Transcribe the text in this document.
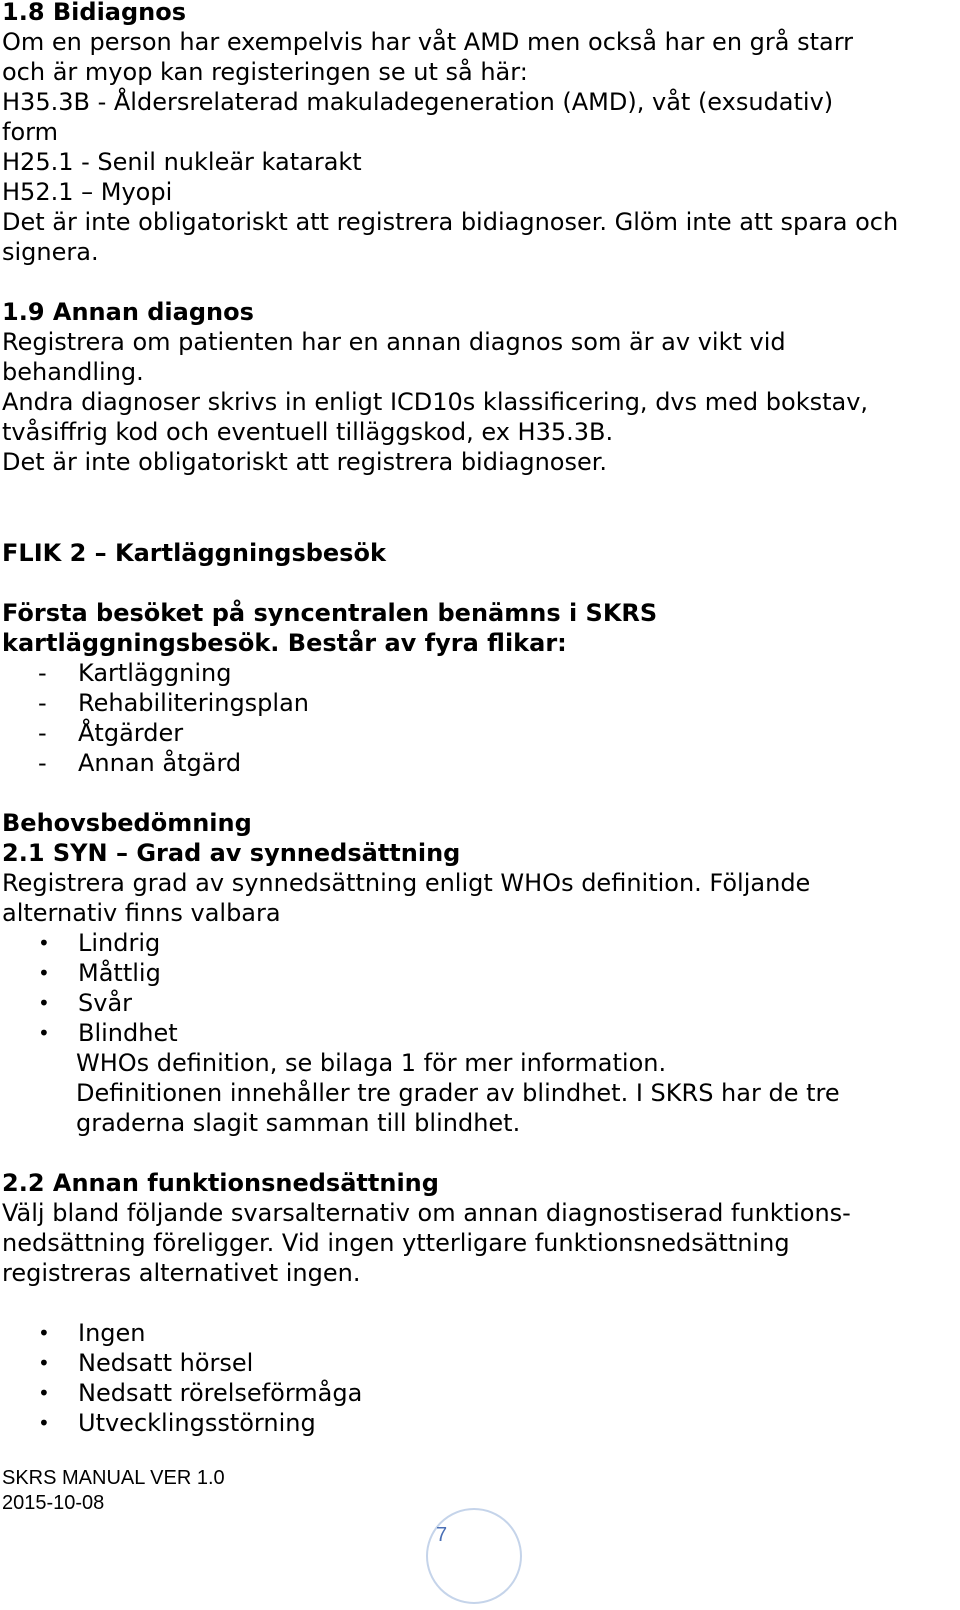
1.8 Bidiagnos
Om en person har exempelvis har våt AMD men också har en grå starr
och är myop kan registeringen se ut så här:
H35.3B - Åldersrelaterad makuladegeneration (AMD), våt (exsudativ)
form
H25.1 - Senil nukleär katarakt
H52.1 – Myopi
Det är inte obligatoriskt att registrera bidiagnoser. Glöm inte att spara och
signera.
1.9 Annan diagnos
Registrera om patienten har en annan diagnos som är av vikt vid
behandling.
Andra diagnoser skrivs in enligt ICD10s klassificering, dvs med bokstav,
tvåsiffrig kod och eventuell tilläggskod, ex H35.3B.
Det är inte obligatoriskt att registrera bidiagnoser.
FLIK 2 – Kartläggningsbesök
Första besöket på syncentralen benämns i SKRS
kartläggningsbesök. Består av fyra flikar:
-	Kartläggning
-	Rehabiliteringsplan
-	Åtgärder
-	Annan åtgärd
Behovsbedömning
2.1 SYN – Grad av synnedsättning
Registrera grad av synnedsättning enligt WHOs definition. Följande
alternativ finns valbara
• Lindrig
• Måttlig
• Svår
• Blindhet
WHOs definition, se bilaga 1 för mer information.
Definitionen innehåller tre grader av blindhet. I SKRS har de tre
graderna slagit samman till blindhet.
2.2 Annan funktionsnedsättning
Välj bland följande svarsalternativ om annan diagnostiserad funktions-
nedsättning föreligger. Vid ingen ytterligare funktionsnedsättning
registreras alternativet ingen.
• Ingen
• Nedsatt hörsel
• Nedsatt rörelseförmåga
• Utvecklingsstörning
SKRS MANUAL VER 1.0
2015-10-08
7
